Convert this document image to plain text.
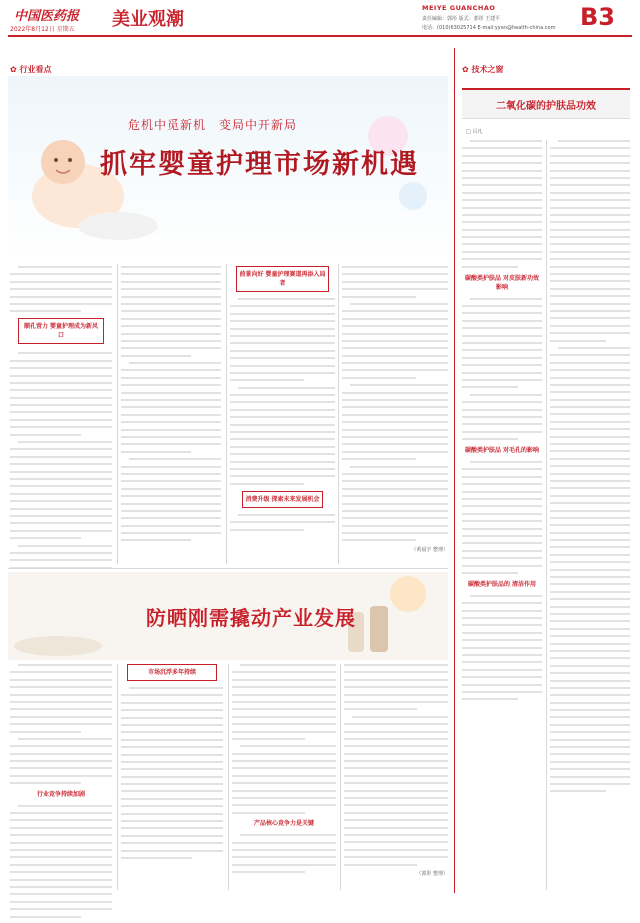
中国医药报
2022年8月12日 星期五 美业观潮
MEIYE GUANCHAO
责任编辑：郭彤 版式：郭彤 王建平
电话：(010)63025714 E-mail:yyan@health-china.com B3
✿ 行业看点
危机中觅新机　变局中开新局
抓牢婴童护理市场新机遇
顺孔营力 婴童护理成为新风口
前景向好 婴童护理赛道再添入局者
消费升级 探索未来发展机会
（黄晨宇 整理）
✿ 技术之窗
二氧化碳的护肤品功效
□ 吕凡
碳酸类护肤品 对皮肤新功效影响
碳酸类护肤品 对毛孔的影响
碳酸类护肤品的 清洁作用
防晒刚需撬动产业发展
行业竞争持续加剧
市场沉浮多年持续
产品核心竞争力是关键
（郭彤 整理）
